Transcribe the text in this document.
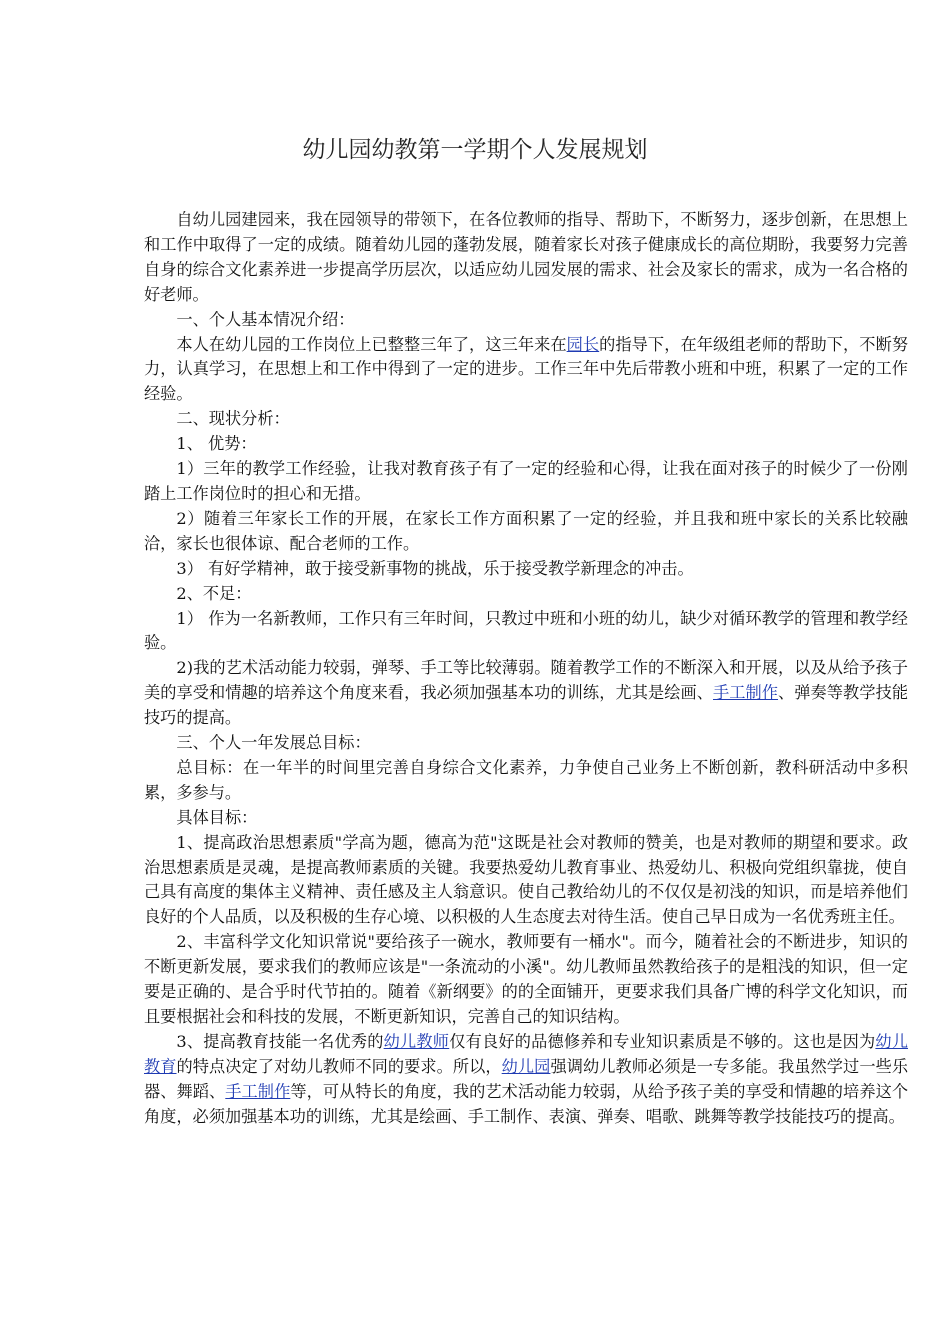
幼儿园幼教第一学期个人发展规划

自幼儿园建园来，我在园领导的带领下，在各位教师的指导、帮助下，不断努力，逐步创新，在思想上和工作中取得了一定的成绩。随着幼儿园的蓬勃发展，随着家长对孩子健康成长的高位期盼，我要努力完善自身的综合文化素养进一步提高学历层次，以适应幼儿园发展的需求、社会及家长的需求，成为一名合格的好老师。

一、个人基本情况介绍：

本人在幼儿园的工作岗位上已整整三年了，这三年来在园长的指导下，在年级组老师的帮助下，不断努力，认真学习，在思想上和工作中得到了一定的进步。工作三年中先后带教小班和中班，积累了一定的工作经验。

二、现状分析：

1、 优势：

1）三年的教学工作经验，让我对教育孩子有了一定的经验和心得，让我在面对孩子的时候少了一份刚踏上工作岗位时的担心和无措。

2）随着三年家长工作的开展，在家长工作方面积累了一定的经验，并且我和班中家长的关系比较融洽，家长也很体谅、配合老师的工作。

3） 有好学精神，敢于接受新事物的挑战，乐于接受教学新理念的冲击。

2、不足：

1） 作为一名新教师，工作只有三年时间，只教过中班和小班的幼儿，缺少对循环教学的管理和教学经验。

2)我的艺术活动能力较弱，弹琴、手工等比较薄弱。随着教学工作的不断深入和开展，以及从给予孩子美的享受和情趣的培养这个角度来看，我必须加强基本功的训练，尤其是绘画、手工制作、弹奏等教学技能技巧的提高。

三、个人一年发展总目标：

总目标：在一年半的时间里完善自身综合文化素养，力争使自己业务上不断创新，教科研活动中多积累，多参与。

具体目标：

1、提高政治思想素质"学高为题，德高为范"这既是社会对教师的赞美，也是对教师的期望和要求。政治思想素质是灵魂，是提高教师素质的关键。我要热爱幼儿教育事业、热爱幼儿、积极向党组织靠拢，使自己具有高度的集体主义精神、责任感及主人翁意识。使自己教给幼儿的不仅仅是初浅的知识，而是培养他们良好的个人品质，以及积极的生存心境、以积极的人生态度去对待生活。使自己早日成为一名优秀班主任。

2、丰富科学文化知识常说"要给孩子一碗水，教师要有一桶水"。而今，随着社会的不断进步，知识的不断更新发展，要求我们的教师应该是"一条流动的小溪"。幼儿教师虽然教给孩子的是粗浅的知识，但一定要是正确的、是合乎时代节拍的。随着《新纲要》的的全面铺开，更要求我们具备广博的科学文化知识，而且要根据社会和科技的发展，不断更新知识，完善自己的知识结构。

3、提高教育技能一名优秀的幼儿教师仅有良好的品德修养和专业知识素质是不够的。这也是因为幼儿教育的特点决定了对幼儿教师不同的要求。所以，幼儿园强调幼儿教师必须是一专多能。我虽然学过一些乐器、舞蹈、手工制作等，可从特长的角度，我的艺术活动能力较弱，从给予孩子美的享受和情趣的培养这个角度，必须加强基本功的训练，尤其是绘画、手工制作、表演、弹奏、唱歌、跳舞等教学技能技巧的提高。
